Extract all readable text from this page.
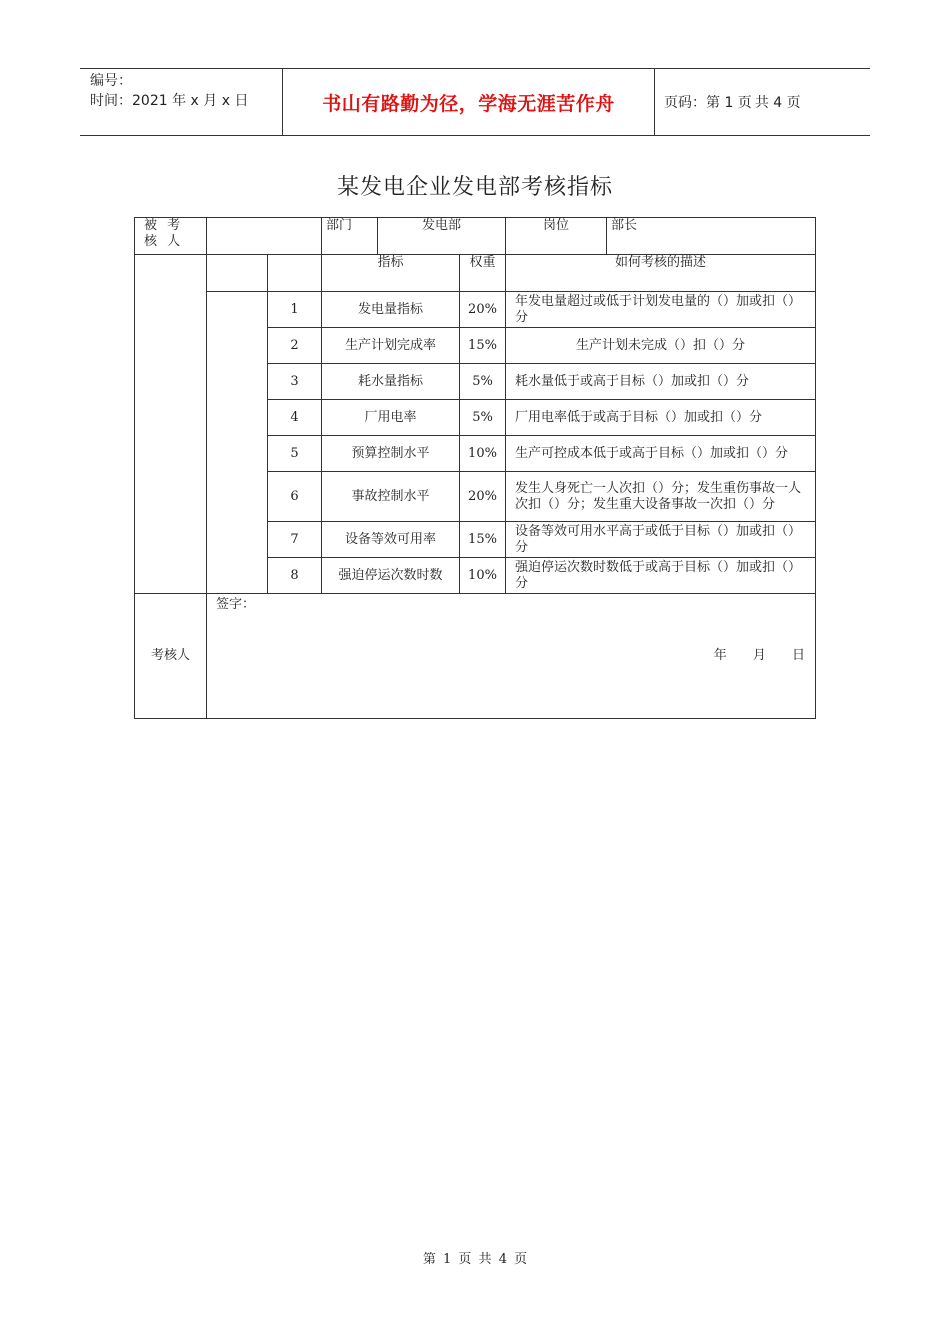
编号：
时间：2021 年 x 月 x 日	书山有路勤为径，学海无涯苦作舟	页码：第 1 页 共 4 页
某发电企业发电部考核指标
被 考 核 人			部门	发电部		岗位	部长
			指标		权重	如何考核的描述	
		1	发电量指标		20%	年发电量超过或低于计划发电量的（）加或扣（）分	
		2	生产计划完成率		15%	生产计划未完成（）扣（）分	
		3	耗水量指标		5%	耗水量低于或高于目标（）加或扣（）分	
		4	厂用电率		5%	厂用电率低于或高于目标（）加或扣（）分	
		5	预算控制水平		10%	生产可控成本低于或高于目标（）加或扣（）分	
		6	事故控制水平		20%	发生人身死亡一人次扣（）分；发生重伤事故一人次扣（）分；发生重大设备事故一次扣（）分	
		7	设备等效可用率		15%	设备等效可用水平高于或低于目标（）加或扣（）分	
		8	强迫停运次数时数		10%	强迫停运次数时数低于或高于目标（）加或扣（）分	
考核人	签字：
年 月 日						
第 1 页 共 4 页
